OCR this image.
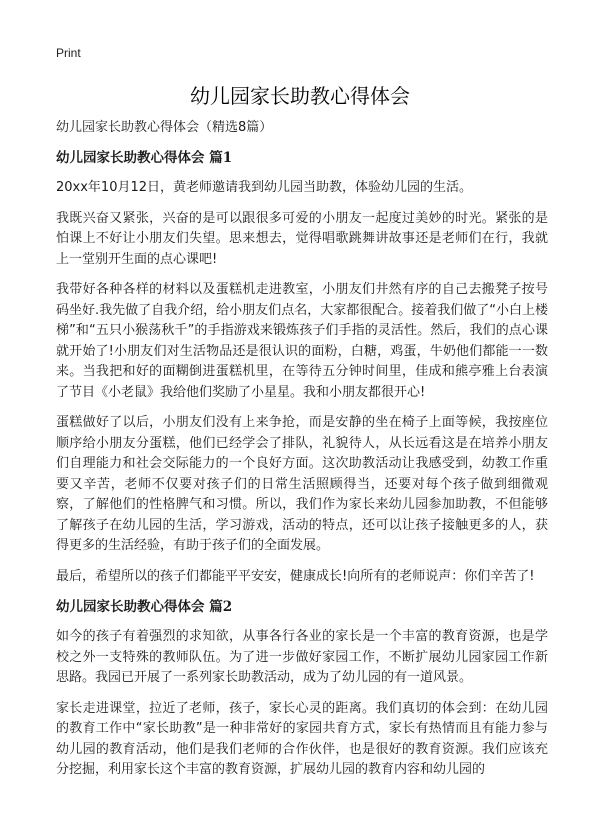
Print
幼儿园家长助教心得体会
幼儿园家长助教心得体会（精选8篇）
幼儿园家长助教心得体会 篇1

20xx年10月12日，黄老师邀请我到幼儿园当助教，体验幼儿园的生活。

我既兴奋又紧张，兴奋的是可以跟很多可爱的小朋友一起度过美妙的时光。紧张的是怕课上不好让小朋友们失望。思来想去，觉得唱歌跳舞讲故事还是老师们在行，我就上一堂别开生面的点心课吧!

我带好各种各样的材料以及蛋糕机走进教室，小朋友们井然有序的自己去搬凳子按号码坐好.我先做了自我介绍，给小朋友们点名，大家都很配合。接着我们做了“小白上楼梯”和“五只小猴荡秋千”的手指游戏来锻炼孩子们手指的灵活性。然后，我们的点心课就开始了!小朋友们对生活物品还是很认识的面粉，白糖，鸡蛋，牛奶他们都能一一数来。当我把和好的面糊倒进蛋糕机里，在等待五分钟时间里，佳成和熊亭雅上台表演了节目《小老鼠》我给他们奖励了小星星。我和小朋友都很开心!

蛋糕做好了以后，小朋友们没有上来争抢，而是安静的坐在椅子上面等候，我按座位顺序给小朋友分蛋糕，他们已经学会了排队，礼貌待人，从长远看这是在培养小朋友们自理能力和社会交际能力的一个良好方面。这次助教活动让我感受到，幼教工作重要又辛苦，老师不仅要对孩子们的日常生活照顾得当，还要对每个孩子做到细微观察，了解他们的性格脾气和习惯。所以，我们作为家长来幼儿园参加助教，不但能够了解孩子在幼儿园的生活，学习游戏，活动的特点，还可以让孩子接触更多的人，获得更多的生活经验，有助于孩子们的全面发展。

最后，希望所以的孩子们都能平平安安，健康成长!向所有的老师说声：你们辛苦了!

幼儿园家长助教心得体会 篇2

如今的孩子有着强烈的求知欲，从事各行各业的家长是一个丰富的教育资源，也是学校之外一支特殊的教师队伍。为了进一步做好家园工作，不断扩展幼儿园家园工作新思路。我园已开展了一系列家长助教活动，成为了幼儿园的有一道风景。

家长走进课堂，拉近了老师，孩子，家长心灵的距离。我们真切的体会到：在幼儿园的教育工作中“家长助教”是一种非常好的家园共育方式，家长有热情而且有能力参与幼儿园的教育活动，他们是我们老师的合作伙伴，也是很好的教育资源。我们应该充分挖掘，利用家长这个丰富的教育资源，扩展幼儿园的教育内容和幼儿园的
